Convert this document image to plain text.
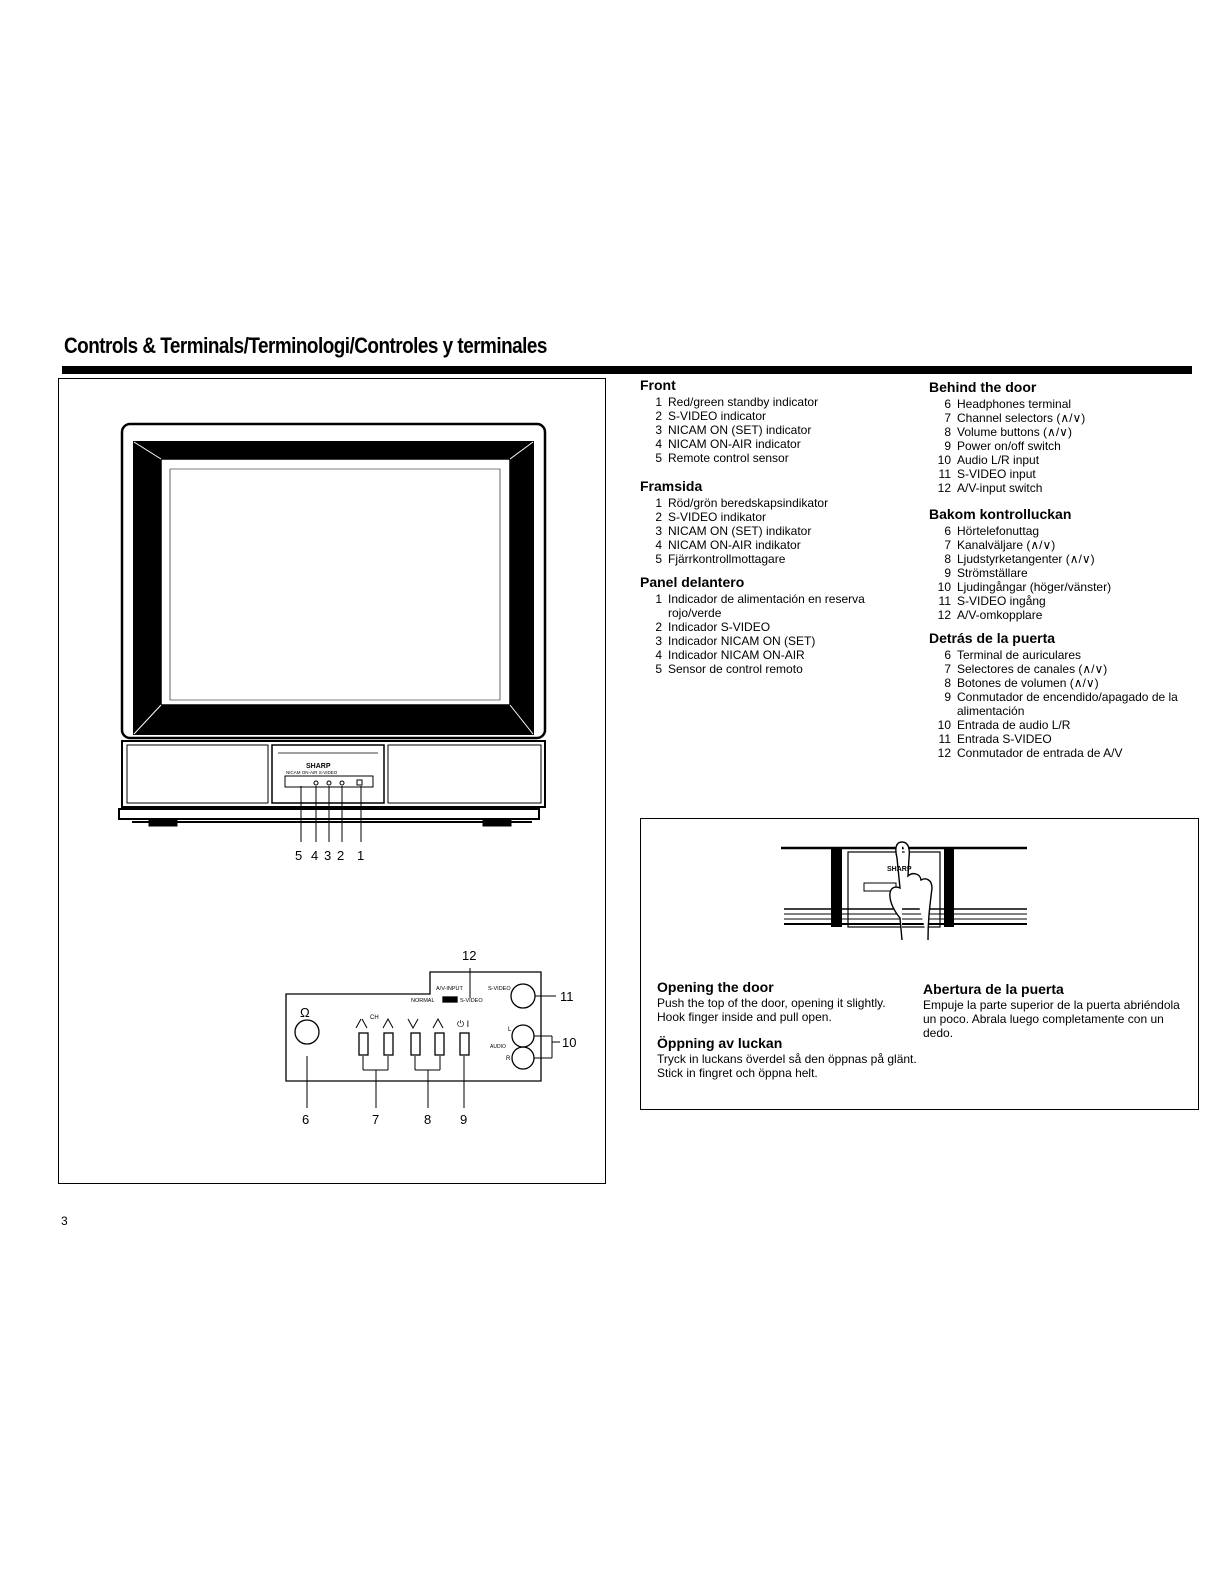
Controls & Terminals/Terminologi/Controles y terminales
SHARP
NICAM ON-AIR S-VIDEO
5 4 3 2 1
Ω
A/V-INPUT	S-VIDEO
NORMAL	S-VIDEO
CH
⏻ I
AUDIO
L
R
12
11
10
6	7	8 9
SHARP
Front
1 Red/green standby indicator
2 S-VIDEO indicator
3 NICAM ON (SET) indicator
4 NICAM ON-AIR indicator
5 Remote control sensor
Framsida
1 Röd/grön beredskapsindikator
2 S-VIDEO indikator
3 NICAM ON (SET) indikator
4 NICAM ON-AIR indikator
5 Fjärrkontrollmottagare
Panel delantero
1 Indicador de alimentación en reserva rojo/verde
2 Indicador S-VIDEO
3 Indicador NICAM ON (SET)
4 Indicador NICAM ON-AIR
5 Sensor de control remoto
Behind the door
6 Headphones terminal
7 Channel selectors (∧/∨)
8 Volume buttons (∧/∨)
9 Power on/off switch
10 Audio L/R input
11 S-VIDEO input
12 A/V-input switch
Bakom kontrolluckan
6 Hörtelefonuttag
7 Kanalväljare (∧/∨)
8 Ljudstyrketangenter (∧/∨)
9 Strömställare
10 Ljudingångar (höger/vänster)
11 S-VIDEO ingång
12 A/V-omkopplare
Detrás de la puerta
6 Terminal de auriculares
7 Selectores de canales (∧/∨)
8 Botones de volumen (∧/∨)
9 Conmutador de encendido/apagado de la alimentación
10 Entrada de audio L/R
11 Entrada S-VIDEO
12 Conmutador de entrada de A/V

Opening the door

Push the top of the door, opening it slightly. Hook finger inside and pull open.

Öppning av luckan

Tryck in luckans överdel så den öppnas på glänt. Stick in fingret och öppna helt.

Abertura de la puerta

Empuje la parte superior de la puerta abriéndola un poco. Abrala luego completamente con un dedo.

3
